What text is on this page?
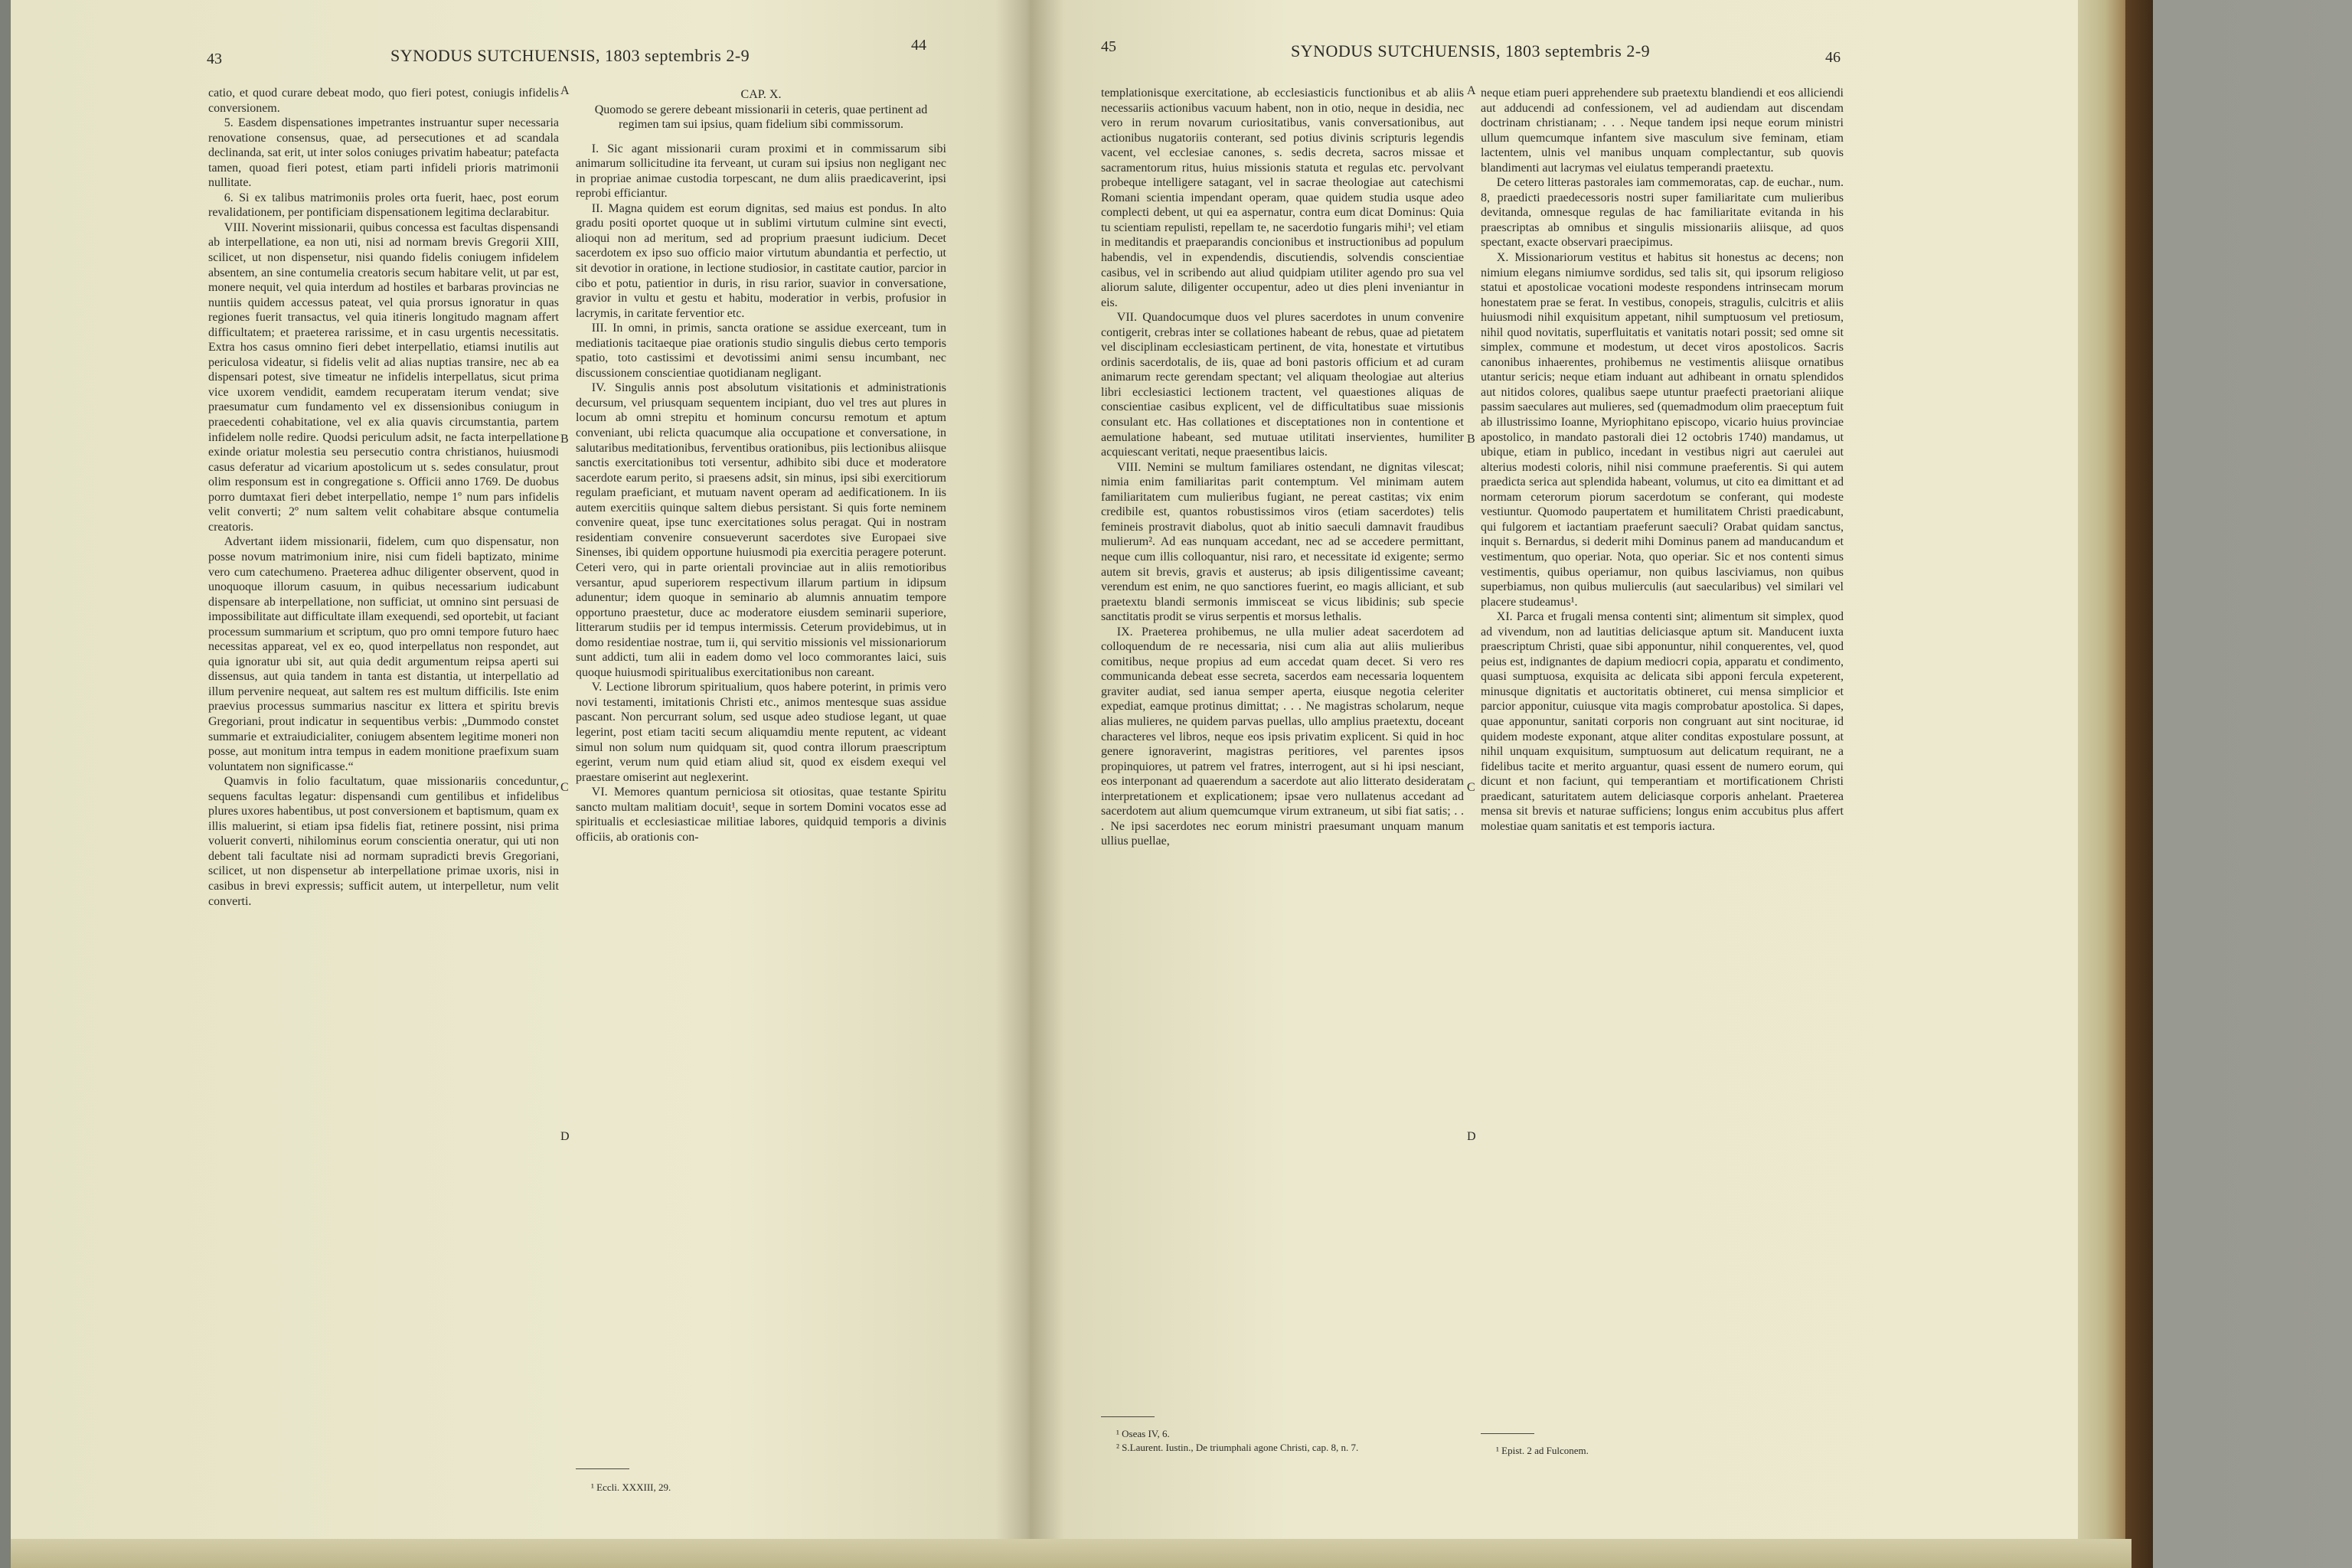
43	SYNODUS SUTCHUENSIS, 1803 septembris 2-9
44

catio, et quod curare debeat modo, quo fieri potest, coniugis infidelis conversionem.

5. Easdem dispensationes impetrantes instruantur super necessaria renovatione consensus, quae, ad persecutiones et ad scandala declinanda, sat erit, ut inter solos coniuges privatim habeatur; patefacta tamen, quoad fieri potest, etiam parti infideli prioris matrimonii nullitate.

6. Si ex talibus matrimoniis proles orta fuerit, haec, post eorum revalidationem, per pontificiam dispensationem legitima declarabitur.

VIII. Noverint missionarii, quibus concessa est facultas dispensandi ab interpellatione, ea non uti, nisi ad normam brevis Gregorii XIII, scilicet, ut non dispensetur, nisi quando fidelis coniugem infidelem absentem, an sine contumelia creatoris secum habitare velit, ut par est, monere nequit, vel quia interdum ad hostiles et barbaras provincias ne nuntiis quidem accessus pateat, vel quia prorsus ignoratur in quas regiones fuerit transactus, vel quia itineris longitudo magnam affert difficultatem; et praeterea rarissime, et in casu urgentis necessitatis. Extra hos casus omnino fieri debet interpellatio, etiamsi inutilis aut periculosa videatur, si fidelis velit ad alias nuptias transire, nec ab ea dispensari potest, sive timeatur ne infidelis interpellatus, sicut prima vice uxorem vendidit, eamdem recuperatam iterum vendat; sive praesumatur cum fundamento vel ex dissensionibus coniugum in praecedenti cohabitatione, vel ex alia quavis circumstantia, partem infidelem nolle redire. Quodsi periculum adsit, ne facta interpellatione exinde oriatur molestia seu persecutio contra christianos, huiusmodi casus deferatur ad vicarium apostolicum ut s. sedes consulatur, prout olim responsum est in congregatione s. Officii anno 1769. De duobus porro dumtaxat fieri debet interpellatio, nempe 1º num pars infidelis velit converti; 2º num saltem velit cohabitare absque contumelia creatoris.

Advertant iidem missionarii, fidelem, cum quo dispensatur, non posse novum matrimonium inire, nisi cum fideli baptizato, minime vero cum catechumeno. Praeterea adhuc diligenter observent, quod in unoquoque illorum casuum, in quibus necessarium iudicabunt dispensare ab interpellatione, non sufficiat, ut omnino sint persuasi de impossibilitate aut difficultate illam exequendi, sed oportebit, ut faciant processum summarium et scriptum, quo pro omni tempore futuro haec necessitas appareat, vel ex eo, quod interpellatus non respondet, aut quia ignoratur ubi sit, aut quia dedit argumentum reipsa aperti sui dissensus, aut quia tandem in tanta est distantia, ut interpellatio ad illum pervenire nequeat, aut saltem res est multum difficilis. Iste enim praevius processus summarius nascitur ex littera et spiritu brevis Gregoriani, prout indicatur in sequentibus verbis: „Dummodo constet summarie et extraiudicialiter, coniugem absentem legitime moneri non posse, aut monitum intra tempus in eadem monitione praefixum suam voluntatem non significasse.“

Quamvis in folio facultatum, quae missionariis conceduntur, sequens facultas legatur: dispensandi cum gentilibus et infidelibus plures uxores habentibus, ut post conversionem et baptismum, quam ex illis maluerint, si etiam ipsa fidelis fiat, retinere possint, nisi prima voluerit converti, nihilominus eorum conscientia oneratur, qui uti non debent tali facultate nisi ad normam supradicti brevis Gregoriani, scilicet, ut non dispensetur ab interpellatione primae uxoris, nisi in casibus in brevi expressis; sufficit autem, ut interpelletur, num velit converti.

CAP. X.
Quomodo se gerere debeant missionarii in ceteris, quae pertinent ad regimen tam sui ipsius, quam fidelium sibi commissorum.

I. Sic agant missionarii curam proximi et in commissarum sibi animarum sollicitudine ita ferveant, ut curam sui ipsius non negligant nec in propriae animae custodia torpescant, ne dum aliis praedicaverint, ipsi reprobi efficiantur.

II. Magna quidem est eorum dignitas, sed maius est pondus. In alto gradu positi oportet quoque ut in sublimi virtutum culmine sint evecti, alioqui non ad meritum, sed ad proprium praesunt iudicium. Decet sacerdotem ex ipso suo officio maior virtutum abundantia et perfectio, ut sit devotior in oratione, in lectione studiosior, in castitate cautior, parcior in cibo et potu, patientior in duris, in risu rarior, suavior in conversatione, gravior in vultu et gestu et habitu, moderatior in verbis, profusior in lacrymis, in caritate ferventior etc.

III. In omni, in primis, sancta oratione se assidue exerceant, tum in mediationis tacitaeque piae orationis studio singulis diebus certo temporis spatio, toto castissimi et devotissimi animi sensu incumbant, nec discussionem conscientiae quotidianam negligant.

IV. Singulis annis post absolutum visitationis et administrationis decursum, vel priusquam sequentem incipiant, duo vel tres aut plures in locum ab omni strepitu et hominum concursu remotum et aptum conveniant, ubi relicta quacumque alia occupatione et conversatione, in salutaribus meditationibus, ferventibus orationibus, piis lectionibus aliisque sanctis exercitationibus toti versentur, adhibito sibi duce et moderatore sacerdote earum perito, si praesens adsit, sin minus, ipsi sibi exercitiorum regulam praeficiant, et mutuam navent operam ad aedificationem. In iis autem exercitiis quinque saltem diebus persistant. Si quis forte neminem convenire queat, ipse tunc exercitationes solus peragat. Qui in nostram residentiam convenire consueverunt sacerdotes sive Europaei sive Sinenses, ibi quidem opportune huiusmodi pia exercitia peragere poterunt. Ceteri vero, qui in parte orientali provinciae aut in aliis remotioribus versantur, apud superiorem respectivum illarum partium in idipsum adunentur; idem quoque in seminario ab alumnis annuatim tempore opportuno praestetur, duce ac moderatore eiusdem seminarii superiore, litterarum studiis per id tempus intermissis. Ceterum providebimus, ut in domo residentiae nostrae, tum ii, qui servitio missionis vel missionariorum sunt addicti, tum alii in eadem domo vel loco commorantes laici, suis quoque huiusmodi spiritualibus exercitationibus non careant.

V. Lectione librorum spiritualium, quos habere poterint, in primis vero novi testamenti, imitationis Christi etc., animos mentesque suas assidue pascant. Non percurrant solum, sed usque adeo studiose legant, ut quae legerint, post etiam taciti secum aliquamdiu mente reputent, ac videant simul non solum num quidquam sit, quod contra illorum praescriptum egerint, verum num quid etiam aliud sit, quod ex eisdem exequi vel praestare omiserint aut neglexerint.

VI. Memores quantum perniciosa sit otiositas, quae testante Spiritu sancto multam malitiam docuit¹, seque in sortem Domini vocatos esse ad spiritualis et ecclesiasticae militiae labores, quidquid temporis a divinis officiis, ab orationis con-

¹ Eccli. XXXIII, 29.
A
B
C
D
45	SYNODUS SUTCHUENSIS, 1803 septembris 2-9	46

templationisque exercitatione, ab ecclesiasticis functionibus et ab aliis necessariis actionibus vacuum habent, non in otio, neque in desidia, nec vero in rerum novarum curiositatibus, vanis conversationibus, aut actionibus nugatoriis conterant, sed potius divinis scripturis legendis vacent, vel ecclesiae canones, s. sedis decreta, sacros missae et sacramentorum ritus, huius missionis statuta et regulas etc. pervolvant probeque intelligere satagant, vel in sacrae theologiae aut catechismi Romani scientia impendant operam, quae quidem studia usque adeo complecti debent, ut qui ea aspernatur, contra eum dicat Dominus: Quia tu scientiam repulisti, repellam te, ne sacerdotio fungaris mihi¹; vel etiam in meditandis et praeparandis concionibus et instructionibus ad populum habendis, vel in expendendis, discutiendis, solvendis conscientiae casibus, vel in scribendo aut aliud quidpiam utiliter agendo pro sua vel aliorum salute, diligenter occupentur, adeo ut dies pleni inveniantur in eis.

VII. Quandocumque duos vel plures sacerdotes in unum convenire contigerit, crebras inter se collationes habeant de rebus, quae ad pietatem vel disciplinam ecclesiasticam pertinent, de vita, honestate et virtutibus ordinis sacerdotalis, de iis, quae ad boni pastoris officium et ad curam animarum recte gerendam spectant; vel aliquam theologiae aut alterius libri ecclesiastici lectionem tractent, vel quaestiones aliquas de conscientiae casibus explicent, vel de difficultatibus suae missionis consulant etc. Has collationes et disceptationes non in contentione et aemulatione habeant, sed mutuae utilitati inservientes, humiliter acquiescant veritati, neque praesentibus laicis.

VIII. Nemini se multum familiares ostendant, ne dignitas vilescat; nimia enim familiaritas parit contemptum. Vel minimam autem familiaritatem cum mulieribus fugiant, ne pereat castitas; vix enim credibile est, quantos robustissimos viros (etiam sacerdotes) telis femineis prostravit diabolus, quot ab initio saeculi damnavit fraudibus mulierum². Ad eas nunquam accedant, nec ad se accedere permittant, neque cum illis colloquantur, nisi raro, et necessitate id exigente; sermo autem sit brevis, gravis et austerus; ab ipsis diligentissime caveant; verendum est enim, ne quo sanctiores fuerint, eo magis alliciant, et sub praetextu blandi sermonis immisceat se vicus libidinis; sub specie sanctitatis prodit se virus serpentis et morsus lethalis.

IX. Praeterea prohibemus, ne ulla mulier adeat sacerdotem ad colloquendum de re necessaria, nisi cum alia aut aliis mulieribus comitibus, neque propius ad eum accedat quam decet. Si vero res communicanda debeat esse secreta, sacerdos eam necessaria loquentem graviter audiat, sed ianua semper aperta, eiusque negotia celeriter expediat, eamque protinus dimittat; . . . Ne magistras scholarum, neque alias mulieres, ne quidem parvas puellas, ullo amplius praetextu, doceant characteres vel libros, neque eos ipsis privatim explicent. Si quid in hoc genere ignoraverint, magistras peritiores, vel parentes ipsos propinquiores, ut patrem vel fratres, interrogent, aut si hi ipsi nesciant, eos interponant ad quaerendum a sacerdote aut alio litterato desideratam interpretationem et explicationem; ipsae vero nullatenus accedant ad sacerdotem aut alium quemcumque virum extraneum, ut sibi fiat satis; . . . Ne ipsi sacerdotes nec eorum ministri praesumant unquam manum ullius puellae,

¹ Oseas IV, 6.
² S.Laurent. Iustin., De triumphali agone Christi, cap. 8, n. 7.

neque etiam pueri apprehendere sub praetextu blandiendi et eos alliciendi aut adducendi ad confessionem, vel ad audiendam aut discendam doctrinam christianam; . . . Neque tandem ipsi neque eorum ministri ullum quemcumque infantem sive masculum sive feminam, etiam lactentem, ulnis vel manibus unquam complectantur, sub quovis blandimenti aut lacrymas vel eiulatus temperandi praetextu.

De cetero litteras pastorales iam commemoratas, cap. de euchar., num. 8, praedicti praedecessoris nostri super familiaritate cum mulieribus devitanda, omnesque regulas de hac familiaritate evitanda in his praescriptas ab omnibus et singulis missionariis aliisque, ad quos spectant, exacte observari praecipimus.

X. Missionariorum vestitus et habitus sit honestus ac decens; non nimium elegans nimiumve sordidus, sed talis sit, qui ipsorum religioso statui et apostolicae vocationi modeste respondens intrinsecam morum honestatem prae se ferat. In vestibus, conopeis, stragulis, culcitris et aliis huiusmodi nihil exquisitum appetant, nihil sumptuosum vel pretiosum, nihil quod novitatis, superfluitatis et vanitatis notari possit; sed omne sit simplex, commune et modestum, ut decet viros apostolicos. Sacris canonibus inhaerentes, prohibemus ne vestimentis aliisque ornatibus utantur sericis; neque etiam induant aut adhibeant in ornatu splendidos aut nitidos colores, qualibus saepe utuntur praefecti praetoriani aliique passim saeculares aut mulieres, sed (quemadmodum olim praeceptum fuit ab illustrissimo Ioanne, Myriophitano episcopo, vicario huius provinciae apostolico, in mandato pastorali diei 12 octobris 1740) mandamus, ut ubique, etiam in publico, incedant in vestibus nigri aut caerulei aut alterius modesti coloris, nihil nisi commune praeferentis. Si qui autem praedicta serica aut splendida habeant, volumus, ut cito ea dimittant et ad normam ceterorum piorum sacerdotum se conferant, qui modeste vestiuntur. Quomodo paupertatem et humilitatem Christi praedicabunt, qui fulgorem et iactantiam praeferunt saeculi? Orabat quidam sanctus, inquit s. Bernardus, si dederit mihi Dominus panem ad manducandum et vestimentum, quo operiar. Nota, quo operiar. Sic et nos contenti simus vestimentis, quibus operiamur, non quibus lasciviamus, non quibus superbiamus, non quibus mulierculis (aut saecularibus) vel similari vel placere studeamus¹.

XI. Parca et frugali mensa contenti sint; alimentum sit simplex, quod ad vivendum, non ad lautitias deliciasque aptum sit. Manducent iuxta praescriptum Christi, quae sibi apponuntur, nihil conquerentes, vel, quod peius est, indignantes de dapium mediocri copia, apparatu et condimento, quasi sumptuosa, exquisita ac delicata sibi apponi fercula expeterent, minusque dignitatis et auctoritatis obtineret, cui mensa simplicior et parcior apponitur, cuiusque vita magis comprobatur apostolica. Si dapes, quae apponuntur, sanitati corporis non congruant aut sint nociturae, id quidem modeste exponant, atque aliter conditas expostulare possunt, at nihil unquam exquisitum, sumptuosum aut delicatum requirant, ne a fidelibus tacite et merito arguantur, quasi essent de numero eorum, qui dicunt et non faciunt, qui temperantiam et mortificationem Christi praedicant, saturitatem autem deliciasque corporis anhelant. Praeterea mensa sit brevis et naturae sufficiens; longus enim accubitus plus affert molestiae quam sanitatis et est temporis iactura.

¹ Epist. 2 ad Fulconem.
A
B
C
D
